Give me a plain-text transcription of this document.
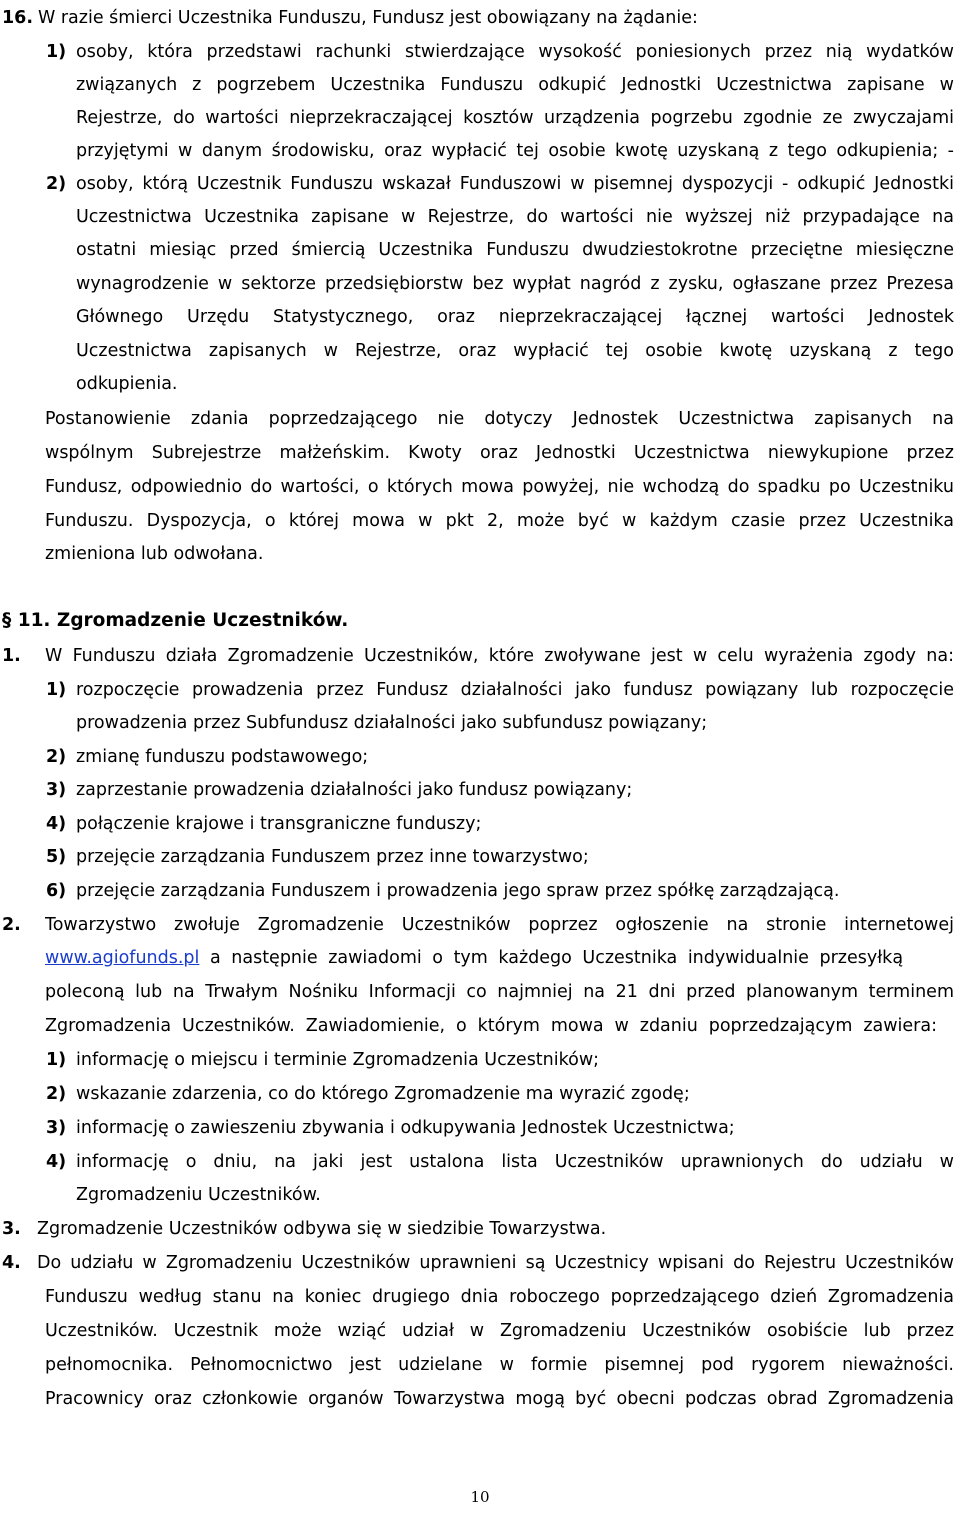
16. W razie śmierci Uczestnika Funduszu, Fundusz jest obowiązany na żądanie:
1) osoby, która przedstawi rachunki stwierdzające wysokość poniesionych przez nią wydatków
związanych z pogrzebem Uczestnika Funduszu odkupić Jednostki Uczestnictwa zapisane w
Rejestrze, do wartości nieprzekraczającej kosztów urządzenia pogrzebu zgodnie ze zwyczajami
przyjętymi w danym środowisku, oraz wypłacić tej osobie kwotę uzyskaną z tego odkupienia; -
2) osoby, którą Uczestnik Funduszu wskazał Funduszowi w pisemnej dyspozycji - odkupić Jednostki
Uczestnictwa Uczestnika zapisane w Rejestrze, do wartości nie wyższej niż przypadające na
ostatni miesiąc przed śmiercią Uczestnika Funduszu dwudziestokrotne przeciętne miesięczne
wynagrodzenie w sektorze przedsiębiorstw bez wypłat nagród z zysku, ogłaszane przez Prezesa
Głównego Urzędu Statystycznego, oraz nieprzekraczającej łącznej wartości Jednostek
Uczestnictwa zapisanych w Rejestrze, oraz wypłacić tej osobie kwotę uzyskaną z tego
odkupienia.
Postanowienie zdania poprzedzającego nie dotyczy Jednostek Uczestnictwa zapisanych na
wspólnym Subrejestrze małżeńskim. Kwoty oraz Jednostki Uczestnictwa niewykupione przez
Fundusz, odpowiednio do wartości, o których mowa powyżej, nie wchodzą do spadku po Uczestniku
Funduszu. Dyspozycja, o której mowa w pkt 2, może być w każdym czasie przez Uczestnika
zmieniona lub odwołana.
§ 11. Zgromadzenie Uczestników.
1. W Funduszu działa Zgromadzenie Uczestników, które zwoływane jest w celu wyrażenia zgody na:
1) rozpoczęcie prowadzenia przez Fundusz działalności jako fundusz powiązany lub rozpoczęcie
prowadzenia przez Subfundusz działalności jako subfundusz powiązany;
2) zmianę funduszu podstawowego;
3) zaprzestanie prowadzenia działalności jako fundusz powiązany;
4) połączenie krajowe i transgraniczne funduszy;
5) przejęcie zarządzania Funduszem przez inne towarzystwo;
6) przejęcie zarządzania Funduszem i prowadzenia jego spraw przez spółkę zarządzającą.
2. Towarzystwo zwołuje Zgromadzenie Uczestników poprzez ogłoszenie na stronie internetowej
www.agiofunds.pl a następnie zawiadomi o tym każdego Uczestnika indywidualnie przesyłką
poleconą lub na Trwałym Nośniku Informacji co najmniej na 21 dni przed planowanym terminem
Zgromadzenia Uczestników. Zawiadomienie, o którym mowa w zdaniu poprzedzającym zawiera:
1) informację o miejscu i terminie Zgromadzenia Uczestników;
2) wskazanie zdarzenia, co do którego Zgromadzenie ma wyrazić zgodę;
3) informację o zawieszeniu zbywania i odkupywania Jednostek Uczestnictwa;
4) informację o dniu, na jaki jest ustalona lista Uczestników uprawnionych do udziału w
Zgromadzeniu Uczestników.
3. Zgromadzenie Uczestników odbywa się w siedzibie Towarzystwa.
4. Do udziału w Zgromadzeniu Uczestników uprawnieni są Uczestnicy wpisani do Rejestru Uczestników
Funduszu według stanu na koniec drugiego dnia roboczego poprzedzającego dzień Zgromadzenia
Uczestników. Uczestnik może wziąć udział w Zgromadzeniu Uczestników osobiście lub przez
pełnomocnika. Pełnomocnictwo jest udzielane w formie pisemnej pod rygorem nieważności.
Pracownicy oraz członkowie organów Towarzystwa mogą być obecni podczas obrad Zgromadzenia
10
